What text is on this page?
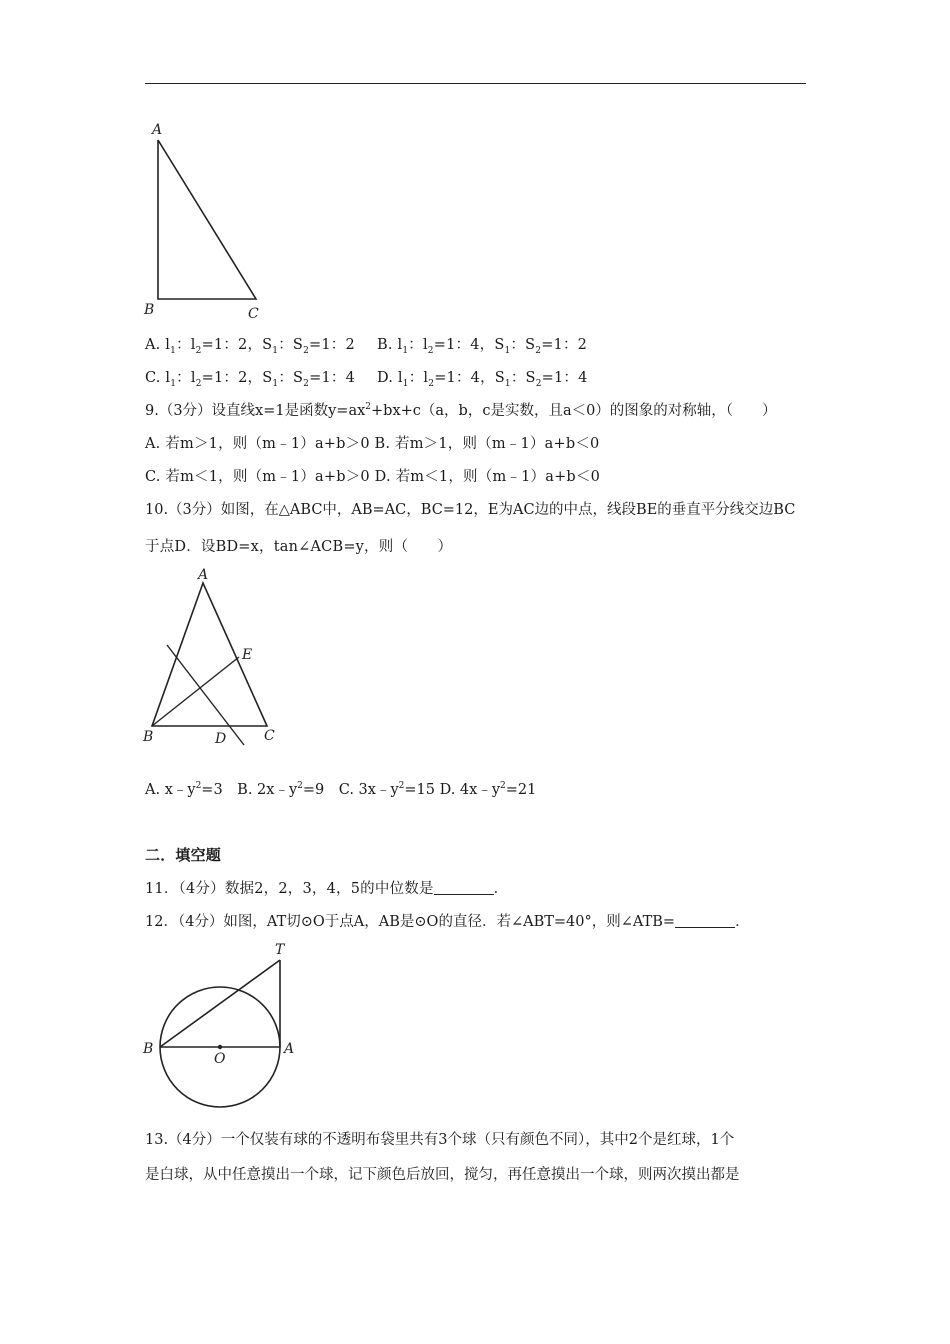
A
B	C
A. $l_1$：$l_2=1$：2，$S_1$：$S_2=1$：2 B. $l_1$：$l_2=1$：4，$S_1$：$S_2=1$：2
C. $l_1$：$l_2=1$：2，$S_1$：$S_2=1$：4 D. $l_1$：$l_2=1$：4，$S_1$：$S_2=1$：4
9.（3分）设直线x=1是函数$y=ax^2+bx+c(a$，b，c是实数，且a＜0）的图象的对称轴，（　　）
A. 若m＞1，则（m﹣1）a+b＞0 B. 若m＞1，则（m﹣1）a+b＜0
C. 若m＜1，则（m﹣1）a+b＞0 D. 若m＜1，则（m﹣1）a+b＜0
10.（3分）如图，在△ABC中，AB=AC，BC=12，E为AC边的中点，线段BE的垂直平分线交边BC
于点D．设BD=x，tan∠ACB=y，则（　　）
A
E
B	D	C
A. $x﹣y^2=3$　B. $2x﹣y^2=9$　C. $3x﹣y^2=15$ D. $4x﹣y^2=21$
二．填空题
11．（4分）数据2，2，3，4，5的中位数是	．
12．（4分）如图，AT切⊙O于点A，AB是⊙O的直径．若∠ABT=40°，则∠ATB=	．
T
B
O
A
13.（4分）一个仅装有球的不透明布袋里共有3个球（只有颜色不同），其中2个是红球，1个
是白球，从中任意摸出一个球，记下颜色后放回，搅匀，再任意摸出一个球，则两次摸出都是
